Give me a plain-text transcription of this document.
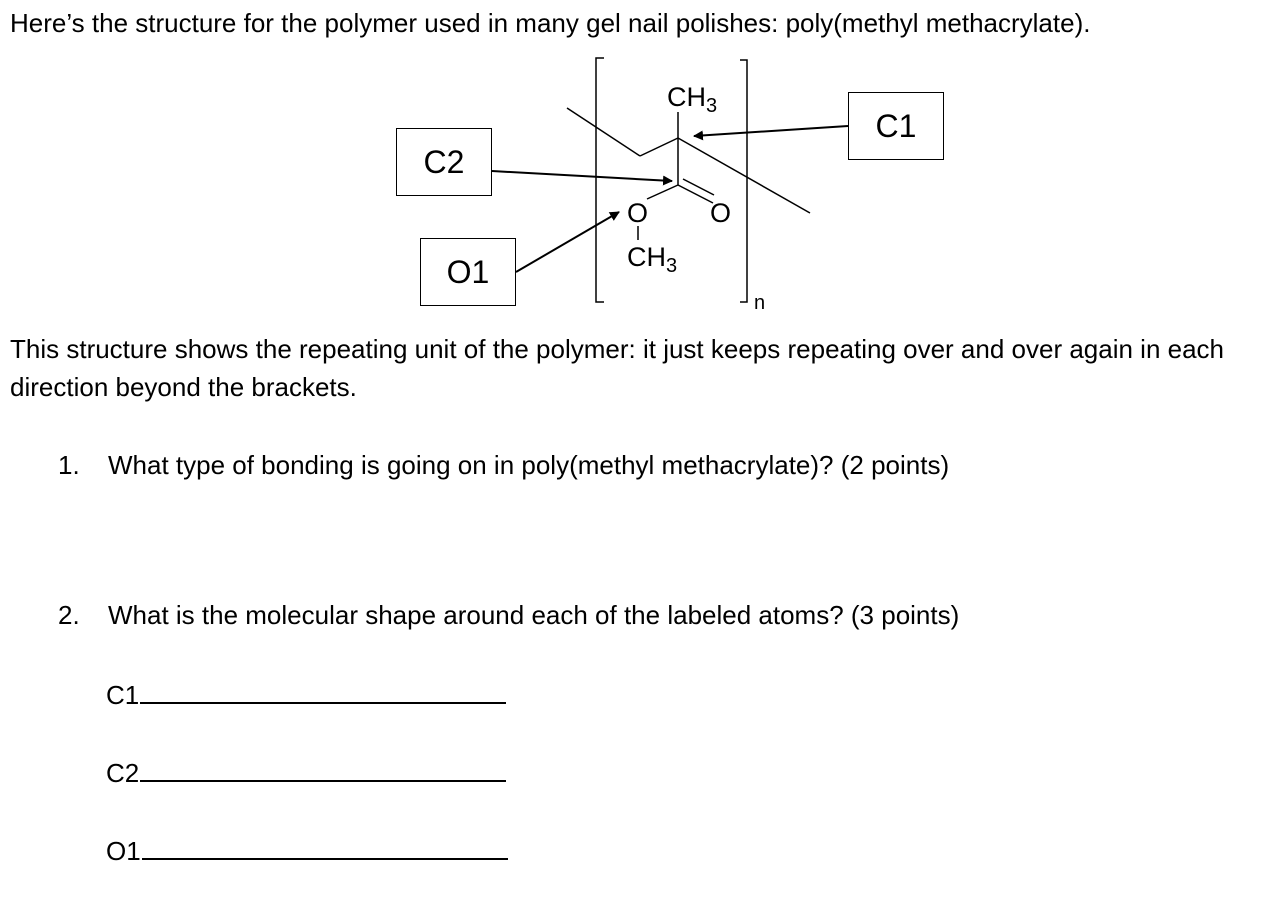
Here’s the structure for the polymer used in many gel nail polishes: poly(methyl methacrylate).
$CH_3$
O O
$CH_3$
n
C2
O1
C1
This structure shows the repeating unit of the polymer: it just keeps repeating over and over again in each direction beyond the brackets.
1. What type of bonding is going on in poly(methyl methacrylate)? (2 points)
2. What is the molecular shape around each of the labeled atoms? (3 points)
C1
C2
O1
